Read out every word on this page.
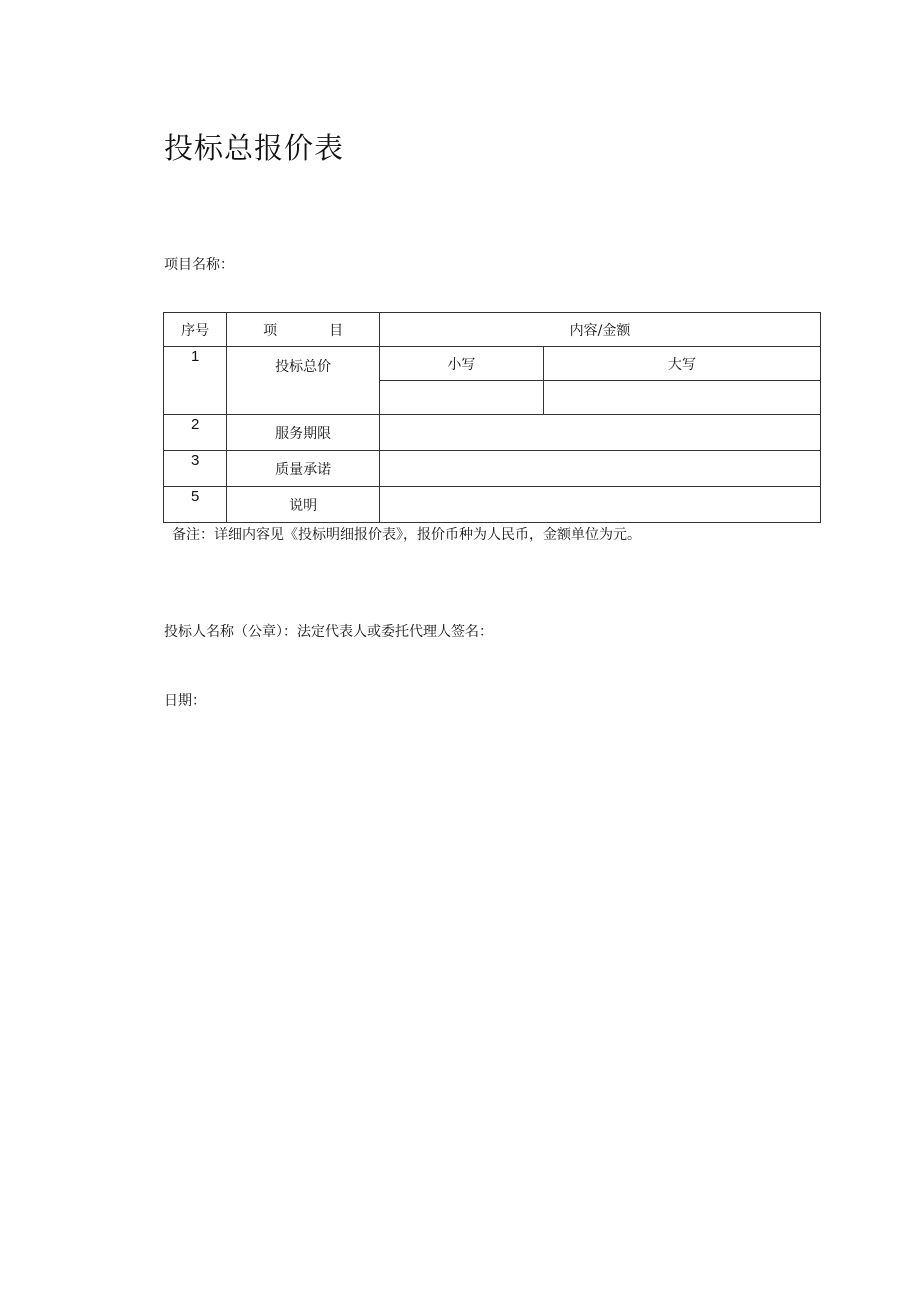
投标总报价表
项目名称：
序号	项　　　目	内容/金额	

1	投标总价	小写	大写

2	服务期限		

3	质量承诺		

5	说明		
备注：详细内容见《投标明细报价表》，报价币种为人民币，金额单位为元。
投标人名称（公章）：法定代表人或委托代理人签名：
日期：
